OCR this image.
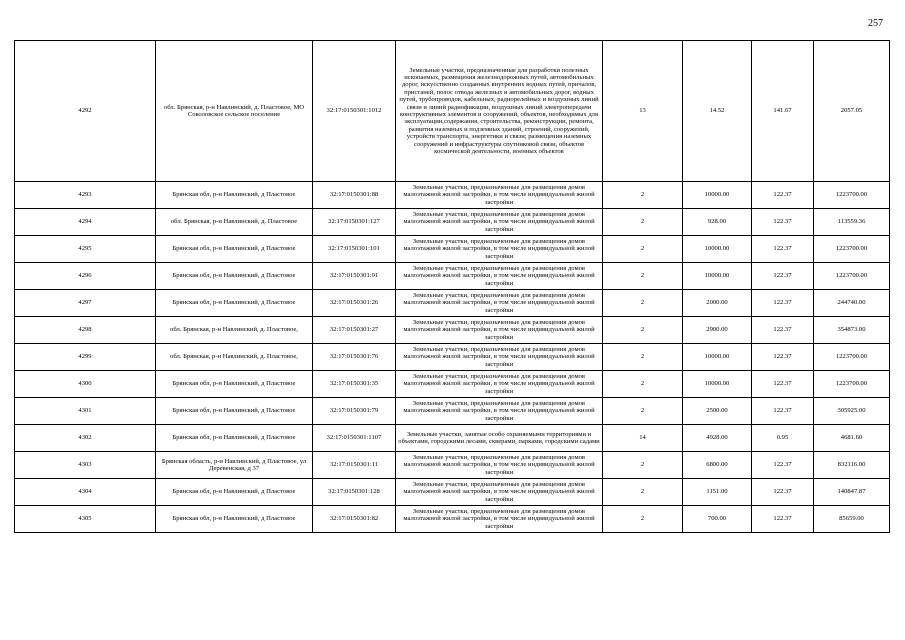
257
4292	обл. Брянская, р-н Навлинский, д. Пластовое, МО Соколовское сельское поселение	32:17:0150301:1012	Земельные участки, предназначенные для разработки полезных ископаемых, размещения железнодорожных путей, автомобильных дорог, искусственно созданных внутренних водных путей, причалов, пристаней, полос отвода железных и автомобильных дорог, водных путей, трубопроводов, кабельных, радиорелейных и воздушных линий связи и линий радиофикации, воздушных линий электропередачи конструктивных элементов и сооружений, объектов, необходимых для эксплуатации,содержания, строительства, реконструкции, ремонта, развития наземных и подземных зданий, строений, сооружений, устройств транспорта, энергетики и связи; размещения наземных сооружений и инфраструктуры спутниковой связи, объектов космической деятельности, военных объектов	13	14.52	141.67	2057.05
4293	Брянская обл, р-н Навлинский, д Пластовое	32:17:0150301:88	Земельные участки, предназначенные для размещения домов малоэтажной жилой застройки, в том числе индивидуальной жилой застройки	2	10000.00	122.37	1223700.00
4294	обл. Брянская, р-н Навлинский, д. Пластовое	32:17:0150301:127	Земельные участки, предназначенные для размещения домов малоэтажной жилой застройки, в том числе индивидуальной жилой застройки	2	928.00	122.37	113559.36
4295	Брянская обл, р-н Навлинский, д Пластовое	32:17:0150301:101	Земельные участки, предназначенные для размещения домов малоэтажной жилой застройки, в том числе индивидуальной жилой застройки	2	10000.00	122.37	1223700.00
4296	Брянская обл, р-н Навлинский, д Пластовое	32:17:0150301:91	Земельные участки, предназначенные для размещения домов малоэтажной жилой застройки, в том числе индивидуальной жилой застройки	2	10000.00	122.37	1223700.00
4297	Брянская обл, р-н Навлинский, д Пластовое	32:17:0150301:26	Земельные участки, предназначенные для размещения домов малоэтажной жилой застройки, в том числе индивидуальной жилой застройки	2	2000.00	122.37	244740.00
4298	обл. Брянская, р-н Навлинский, д. Пластовое,	32:17:0150301:27	Земельные участки, предназначенные для размещения домов малоэтажной жилой застройки, в том числе индивидуальной жилой застройки	2	2900.00	122.37	354873.00
4299	обл. Брянская, р-н Навлинский, д. Пластовое,	32:17:0150301:76	Земельные участки, предназначенные для размещения домов малоэтажной жилой застройки, в том числе индивидуальной жилой застройки	2	10000.00	122.37	1223700.00
4300	Брянская обл, р-н Навлинский, д Пластовое	32:17:0150301:35	Земельные участки, предназначенные для размещения домов малоэтажной жилой застройки, в том числе индивидуальной жилой застройки	2	10000.00	122.37	1223700.00
4301	Брянская обл, р-н Навлинский, д Пластовое	32:17:0150301:79	Земельные участки, предназначенные для размещения домов малоэтажной жилой застройки, в том числе индивидуальной жилой застройки	2	2500.00	122.37	305925.00
4302	Брянская обл, р-н Навлинский, д Пластовое	32:17:0150301:1107	Земельные участки, занятые особо охраняемыми территориями и объектами, городскими лесами, скверами, парками, городскими садами	14	4928.00	0.95	4681.60
4303	Брянская область, р-н Навлинский, д Пластовое, ул Деревенская, д 37	32:17:0150301:11	Земельные участки, предназначенные для размещения домов малоэтажной жилой застройки, в том числе индивидуальной жилой застройки	2	6800.00	122.37	832116.00
4304	Брянская обл, р-н Навлинский, д Пластовое	32:17:0150301:128	Земельные участки, предназначенные для размещения домов малоэтажной жилой застройки, в том числе индивидуальной жилой застройки	2	1151.00	122.37	140847.87
4305	Брянская обл, р-н Навлинский, д Пластовое	32:17:0150301:82	Земельные участки, предназначенные для размещения домов малоэтажной жилой застройки, в том числе индивидуальной жилой застройки	2	700.00	122.37	85659.00
